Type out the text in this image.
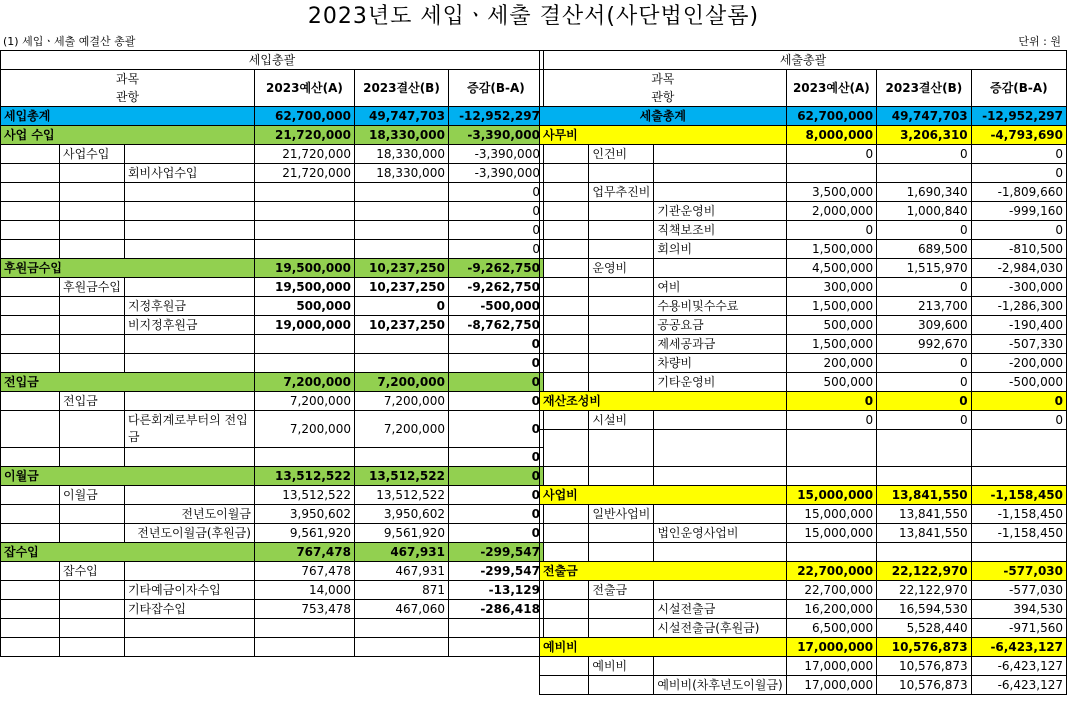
2023년도 세입ㆍ세출 결산서(사단법인살롬)
(1) 세입ㆍ세출 예결산 총괄	단위 : 원
세입총괄					
과목			2023예산(A)	2023결산(B)	증감(B-A)
관항					
세입총계			62,700,000	49,747,703	-12,952,297
사업 수입			21,720,000	18,330,000	-3,390,000
	사업수입		21,720,000	18,330,000	-3,390,000
		회비사업수입	21,720,000	18,330,000	-3,390,000
					0
					0
					0
					0
후원금수입			19,500,000	10,237,250	-9,262,750
	후원금수입		19,500,000	10,237,250	-9,262,750
		지정후원금	500,000	0	-500,000
		비지정후원금	19,000,000	10,237,250	-8,762,750
					0
					0
전입금			7,200,000	7,200,000	0
	전입금		7,200,000	7,200,000	0
		다른회계로부터의 전입금	7,200,000	7,200,000	0
					0
이월금			13,512,522	13,512,522	0
	이월금		13,512,522	13,512,522	0
		전년도이월금	3,950,602	3,950,602	0
		전년도이월금(후원금)	9,561,920	9,561,920	0
잡수입			767,478	467,931	-299,547
	잡수입		767,478	467,931	-299,547
		기타예금이자수입	14,000	871	-13,129
		기타잡수입	753,478	467,060	-286,418

세출총괄					
과목			2023예산(A)	2023결산(B)	증감(B-A)
관항					
세출총계			62,700,000	49,747,703	-12,952,297
사무비			8,000,000	3,206,310	-4,793,690
	인건비		0	0	0
					0
	업무추진비		3,500,000	1,690,340	-1,809,660
		기관운영비	2,000,000	1,000,840	-999,160
		직책보조비	0	0	0
		회의비	1,500,000	689,500	-810,500
	운영비		4,500,000	1,515,970	-2,984,030
		여비	300,000	0	-300,000
		수용비및수수료	1,500,000	213,700	-1,286,300
		공공요금	500,000	309,600	-190,400
		제세공과금	1,500,000	992,670	-507,330
		차량비	200,000	0	-200,000
		기타운영비	500,000	0	-500,000
재산조성비			0	0	0
	시설비		0	0	0

사업비			15,000,000	13,841,550	-1,158,450
	일반사업비		15,000,000	13,841,550	-1,158,450
		법인운영사업비	15,000,000	13,841,550	-1,158,450

전출금			22,700,000	22,122,970	-577,030
	전출금		22,700,000	22,122,970	-577,030
		시설전출금	16,200,000	16,594,530	394,530
		시설전출금(후원금)	6,500,000	5,528,440	-971,560
예비비			17,000,000	10,576,873	-6,423,127
	예비비		17,000,000	10,576,873	-6,423,127
		예비비(차후년도이월금)	17,000,000	10,576,873	-6,423,127
